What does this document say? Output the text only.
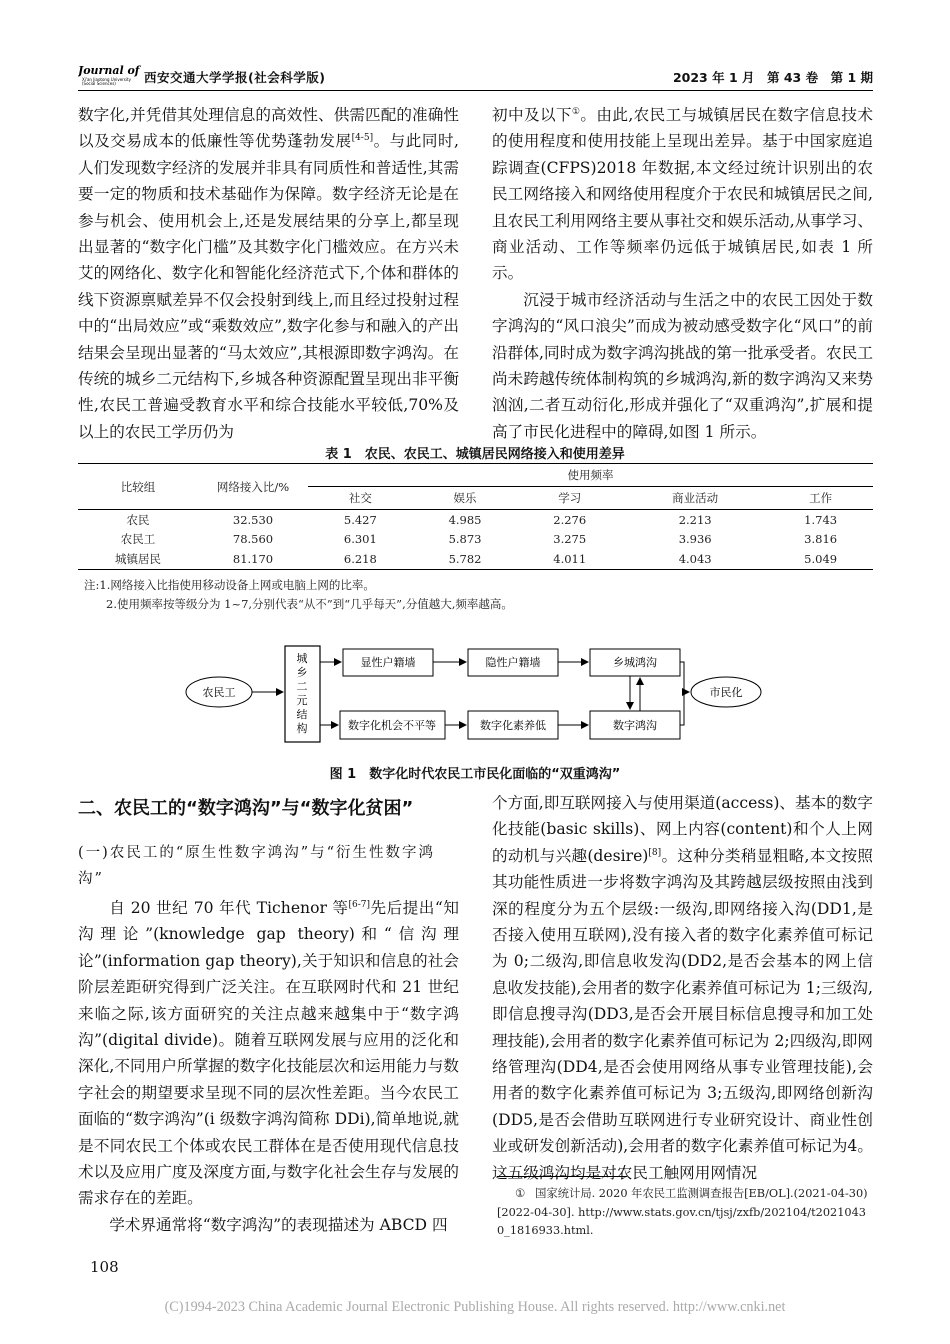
Journal of
Xi'an Jiaotong University
(Social Sciences) 西安交通大学学报(社会科学版)	2023 年 1 月　第 43 卷　第 1 期

数字化,并凭借其处理信息的高效性、供需匹配的准确性以及交易成本的低廉性等优势蓬勃发展[4-5]。与此同时,人们发现数字经济的发展并非具有同质性和普适性,其需要一定的物质和技术基础作为保障。数字经济无论是在参与机会、使用机会上,还是发展结果的分享上,都呈现出显著的“数字化门槛”及其数字化门槛效应。在方兴未艾的网络化、数字化和智能化经济范式下,个体和群体的线下资源禀赋差异不仅会投射到线上,而且经过投射过程中的“出局效应”或“乘数效应”,数字化参与和融入的产出结果会呈现出显著的“马太效应”,其根源即数字鸿沟。在传统的城乡二元结构下,乡城各种资源配置呈现出非平衡性,农民工普遍受教育水平和综合技能水平较低,70%及以上的农民工学历仍为

初中及以下①。由此,农民工与城镇居民在数字信息技术的使用程度和使用技能上呈现出差异。基于中国家庭追踪调查(CFPS)2018 年数据,本文经过统计识别出的农民工网络接入和网络使用程度介于农民和城镇居民之间,且农民工利用网络主要从事社交和娱乐活动,从事学习、商业活动、工作等频率仍远低于城镇居民,如表 1 所示。

沉浸于城市经济活动与生活之中的农民工因处于数字鸿沟的“风口浪尖”而成为被动感受数字化“风口”的前沿群体,同时成为数字鸿沟挑战的第一批承受者。农民工尚未跨越传统体制构筑的乡城鸿沟,新的数字鸿沟又来势汹汹,二者互动衍化,形成并强化了“双重鸿沟”,扩展和提高了市民化进程中的障碍,如图 1 所示。

表 1　农民、农民工、城镇居民网络接入和使用差异
比较组	网络接入比/%	使用频率				
		社交	娱乐	学习	商业活动	工作
农民	32.530	5.427	4.985	2.276	2.213	1.743
农民工	78.560	6.301	5.873	3.275	3.936	3.816
城镇居民	81.170	6.218	5.782	4.011	4.043	5.049
注:1.网络接入比指使用移动设备上网或电脑上网的比率。
2.使用频率按等级分为 1~7,分别代表“从不”到“几乎每天”,分值越大,频率越高。
农民工
城乡二元结构
显性户籍墙	隐性户籍墙	乡城鸿沟
数字化机会不平等	数字化素养低	数字鸿沟
市民化
图 1　数字化时代农民工市民化面临的“双重鸿沟”
二、农民工的“数字鸿沟”与“数字化贫困”
(一)农民工的“原生性数字鸿沟”与“衍生性数字鸿沟”

自 20 世纪 70 年代 Tichenor 等[6-7]先后提出“知沟理论”(knowledge gap theory)和“信沟理论”(information gap theory),关于知识和信息的社会阶层差距研究得到广泛关注。在互联网时代和 21 世纪来临之际,该方面研究的关注点越来越集中于“数字鸿沟”(digital divide)。随着互联网发展与应用的泛化和深化,不同用户所掌握的数字化技能层次和运用能力与数字社会的期望要求呈现不同的层次性差距。当今农民工面临的“数字鸿沟”(i 级数字鸿沟简称 DDi),简单地说,就是不同农民工个体或农民工群体在是否使用现代信息技术以及应用广度及深度方面,与数字化社会生存与发展的需求存在的差距。

学术界通常将“数字鸿沟”的表现描述为 ABCD 四

个方面,即互联网接入与使用渠道(access)、基本的数字化技能(basic skills)、网上内容(content)和个人上网的动机与兴趣(desire)[8]。这种分类稍显粗略,本文按照其功能性质进一步将数字鸿沟及其跨越层级按照由浅到深的程度分为五个层级:一级沟,即网络接入沟(DD1,是否接入使用互联网),没有接入者的数字化素养值可标记为 0;二级沟,即信息收发沟(DD2,是否会基本的网上信息收发技能),会用者的数字化素养值可标记为 1;三级沟,即信息搜寻沟(DD3,是否会开展目标信息搜寻和加工处理技能),会用者的数字化素养值可标记为 2;四级沟,即网络管理沟(DD4,是否会使用网络从事专业管理技能),会用者的数字化素养值可标记为 3;五级沟,即网络创新沟(DD5,是否会借助互联网进行专业研究设计、商业性创业或研发创新活动),会用者的数字化素养值可标记为4。这五级鸿沟均是对农民工触网用网情况

① 国家统计局. 2020 年农民工监测调查报告[EB/OL].(2021-04-30)[2022-04-30]. http://www.stats.gov.cn/tjsj/zxfb/202104/t20210430_1816933.html.
108
(C)1994-2023 China Academic Journal Electronic Publishing House. All rights reserved. http://www.cnki.net
